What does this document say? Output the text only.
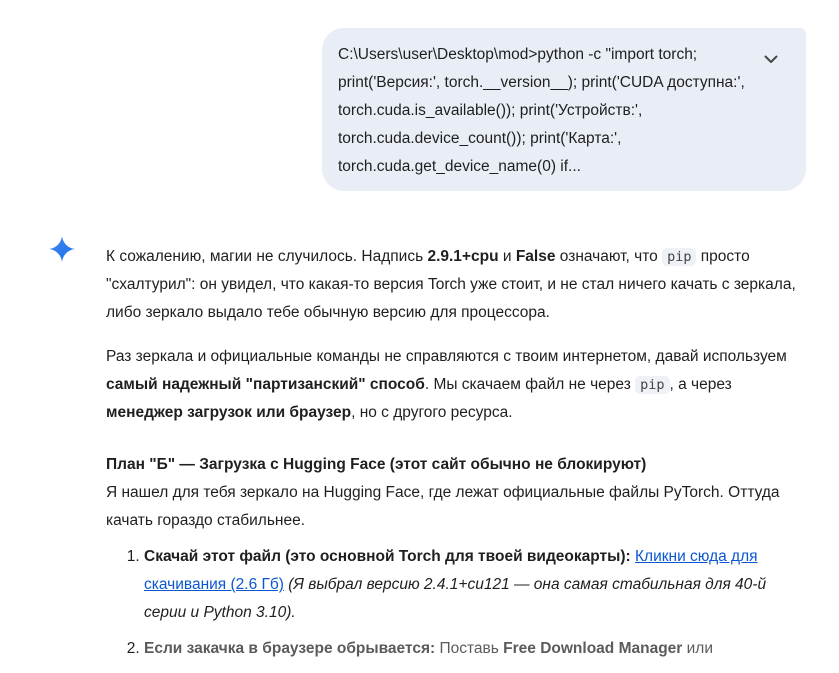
C:\Users\user\Desktop\mod>python -c "import torch; print('Версия:', torch.__version__); print('CUDA доступна:', torch.cuda.is_available()); print('Устройств:', torch.cuda.device_count()); print('Карта:', torch.cuda.get_device_name(0) if...

К сожалению, магии не случилось. Надпись 2.9.1+cpu и False означают, что pip просто "схалтурил": он увидел, что какая-то версия Torch уже стоит, и не стал ничего качать с зеркала, либо зеркало выдало тебе обычную версию для процессора.

Раз зеркала и официальные команды не справляются с твоим интернетом, давай используем самый надежный "партизанский" способ. Мы скачаем файл не через pip , а через менеджер загрузок или браузер, но с другого ресурса.

План "Б" — Загрузка с Hugging Face (этот сайт обычно не блокируют)

Я нашел для тебя зеркало на Hugging Face, где лежат официальные файлы PyTorch. Оттуда качать гораздо стабильнее.

1. Скачай этот файл (это основной Torch для твоей видеокарты): Кликни сюда для скачивания (2.6 Гб) (Я выбрал версию 2.4.1+cu121 — она самая стабильная для 40-й серии и Python 3.10).
2. Если закачка в браузере обрывается: Поставь Free Download Manager или
